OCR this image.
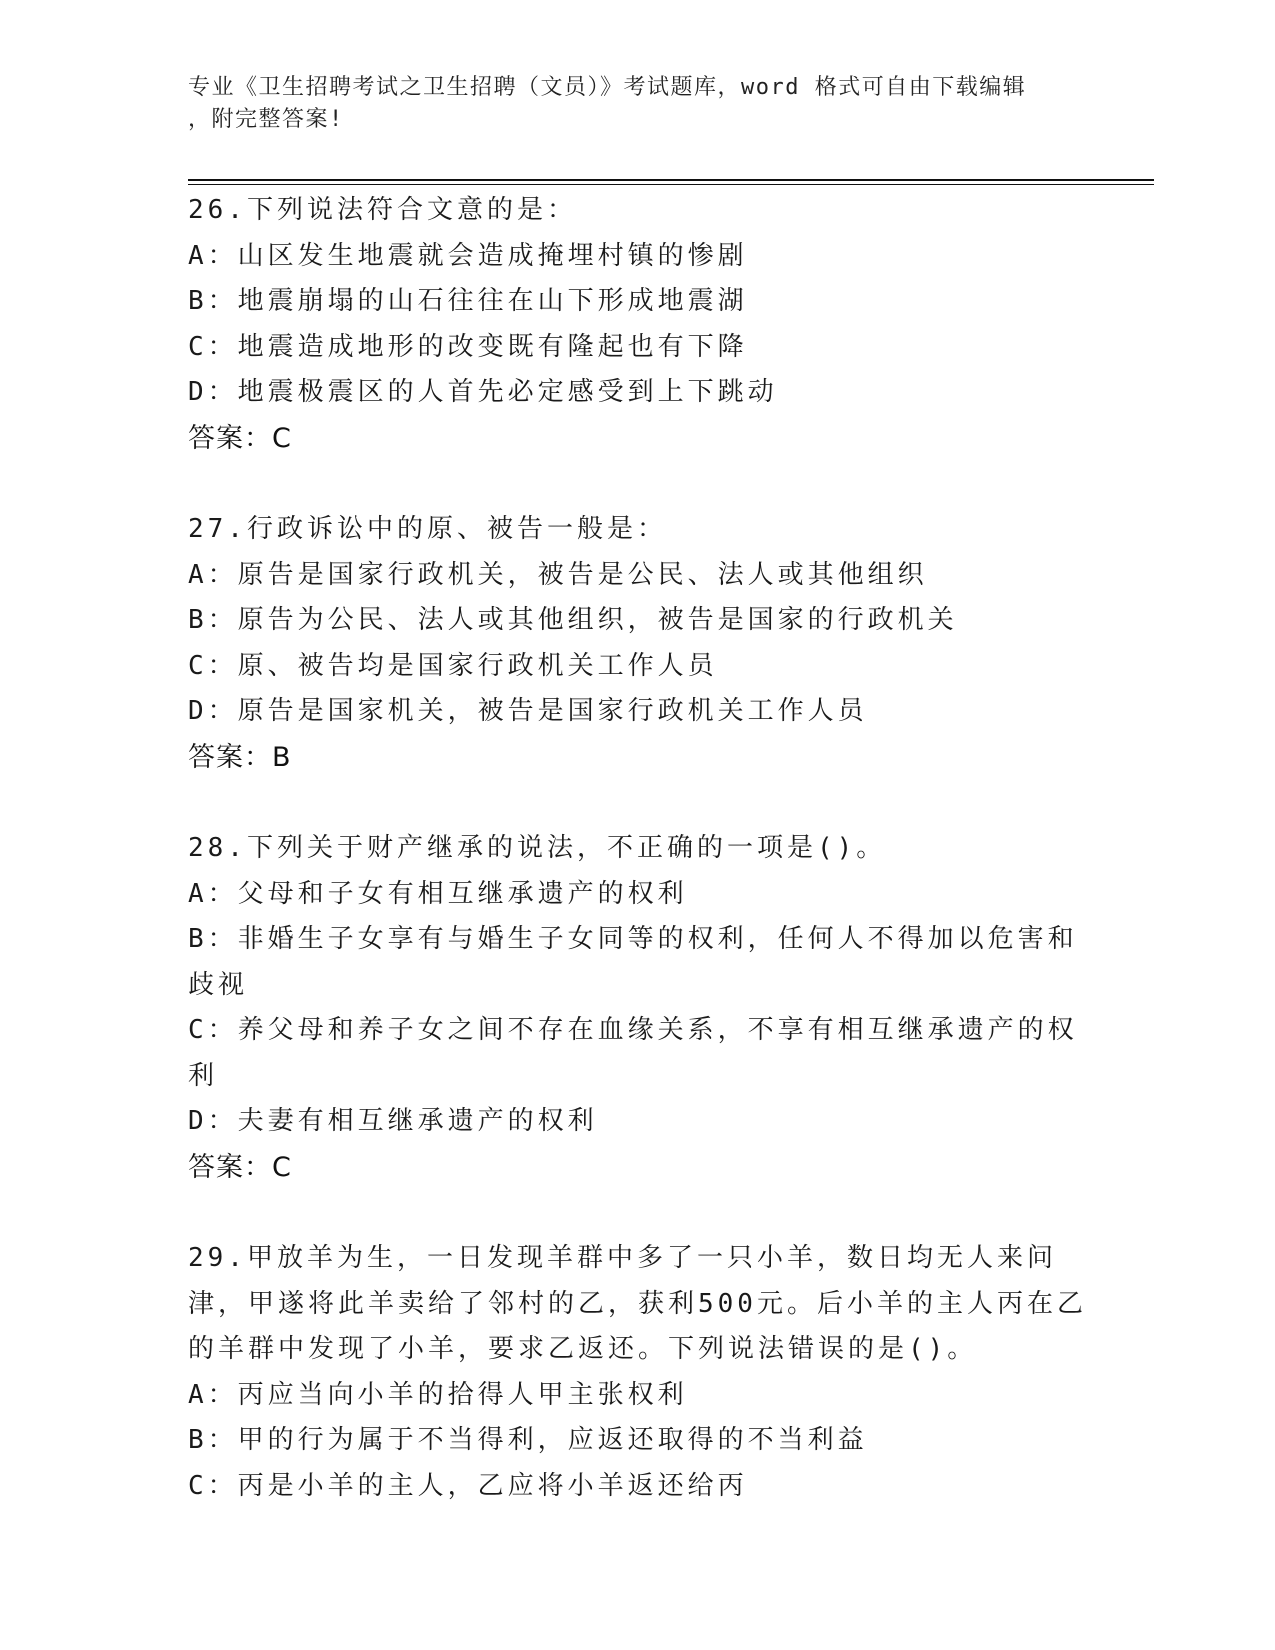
专业《卫生招聘考试之卫生招聘（文员）》考试题库，word 格式可自由下载编辑
，附完整答案!
26.下列说法符合文意的是：
A：山区发生地震就会造成掩埋村镇的惨剧
B：地震崩塌的山石往往在山下形成地震湖
C：地震造成地形的改变既有隆起也有下降
D：地震极震区的人首先必定感受到上下跳动
答案：C
27.行政诉讼中的原、被告一般是：
A：原告是国家行政机关，被告是公民、法人或其他组织
B：原告为公民、法人或其他组织，被告是国家的行政机关
C：原、被告均是国家行政机关工作人员
D：原告是国家机关，被告是国家行政机关工作人员
答案：B
28.下列关于财产继承的说法，不正确的一项是()。
A：父母和子女有相互继承遗产的权利
B：非婚生子女享有与婚生子女同等的权利，任何人不得加以危害和歧视
C：养父母和养子女之间不存在血缘关系，不享有相互继承遗产的权利
D：夫妻有相互继承遗产的权利
答案：C
29.甲放羊为生，一日发现羊群中多了一只小羊，数日均无人来问津，甲遂将此羊卖给了邻村的乙，获利500元。后小羊的主人丙在乙的羊群中发现了小羊，要求乙返还。下列说法错误的是()。
A：丙应当向小羊的拾得人甲主张权利
B：甲的行为属于不当得利，应返还取得的不当利益
C：丙是小羊的主人，乙应将小羊返还给丙
